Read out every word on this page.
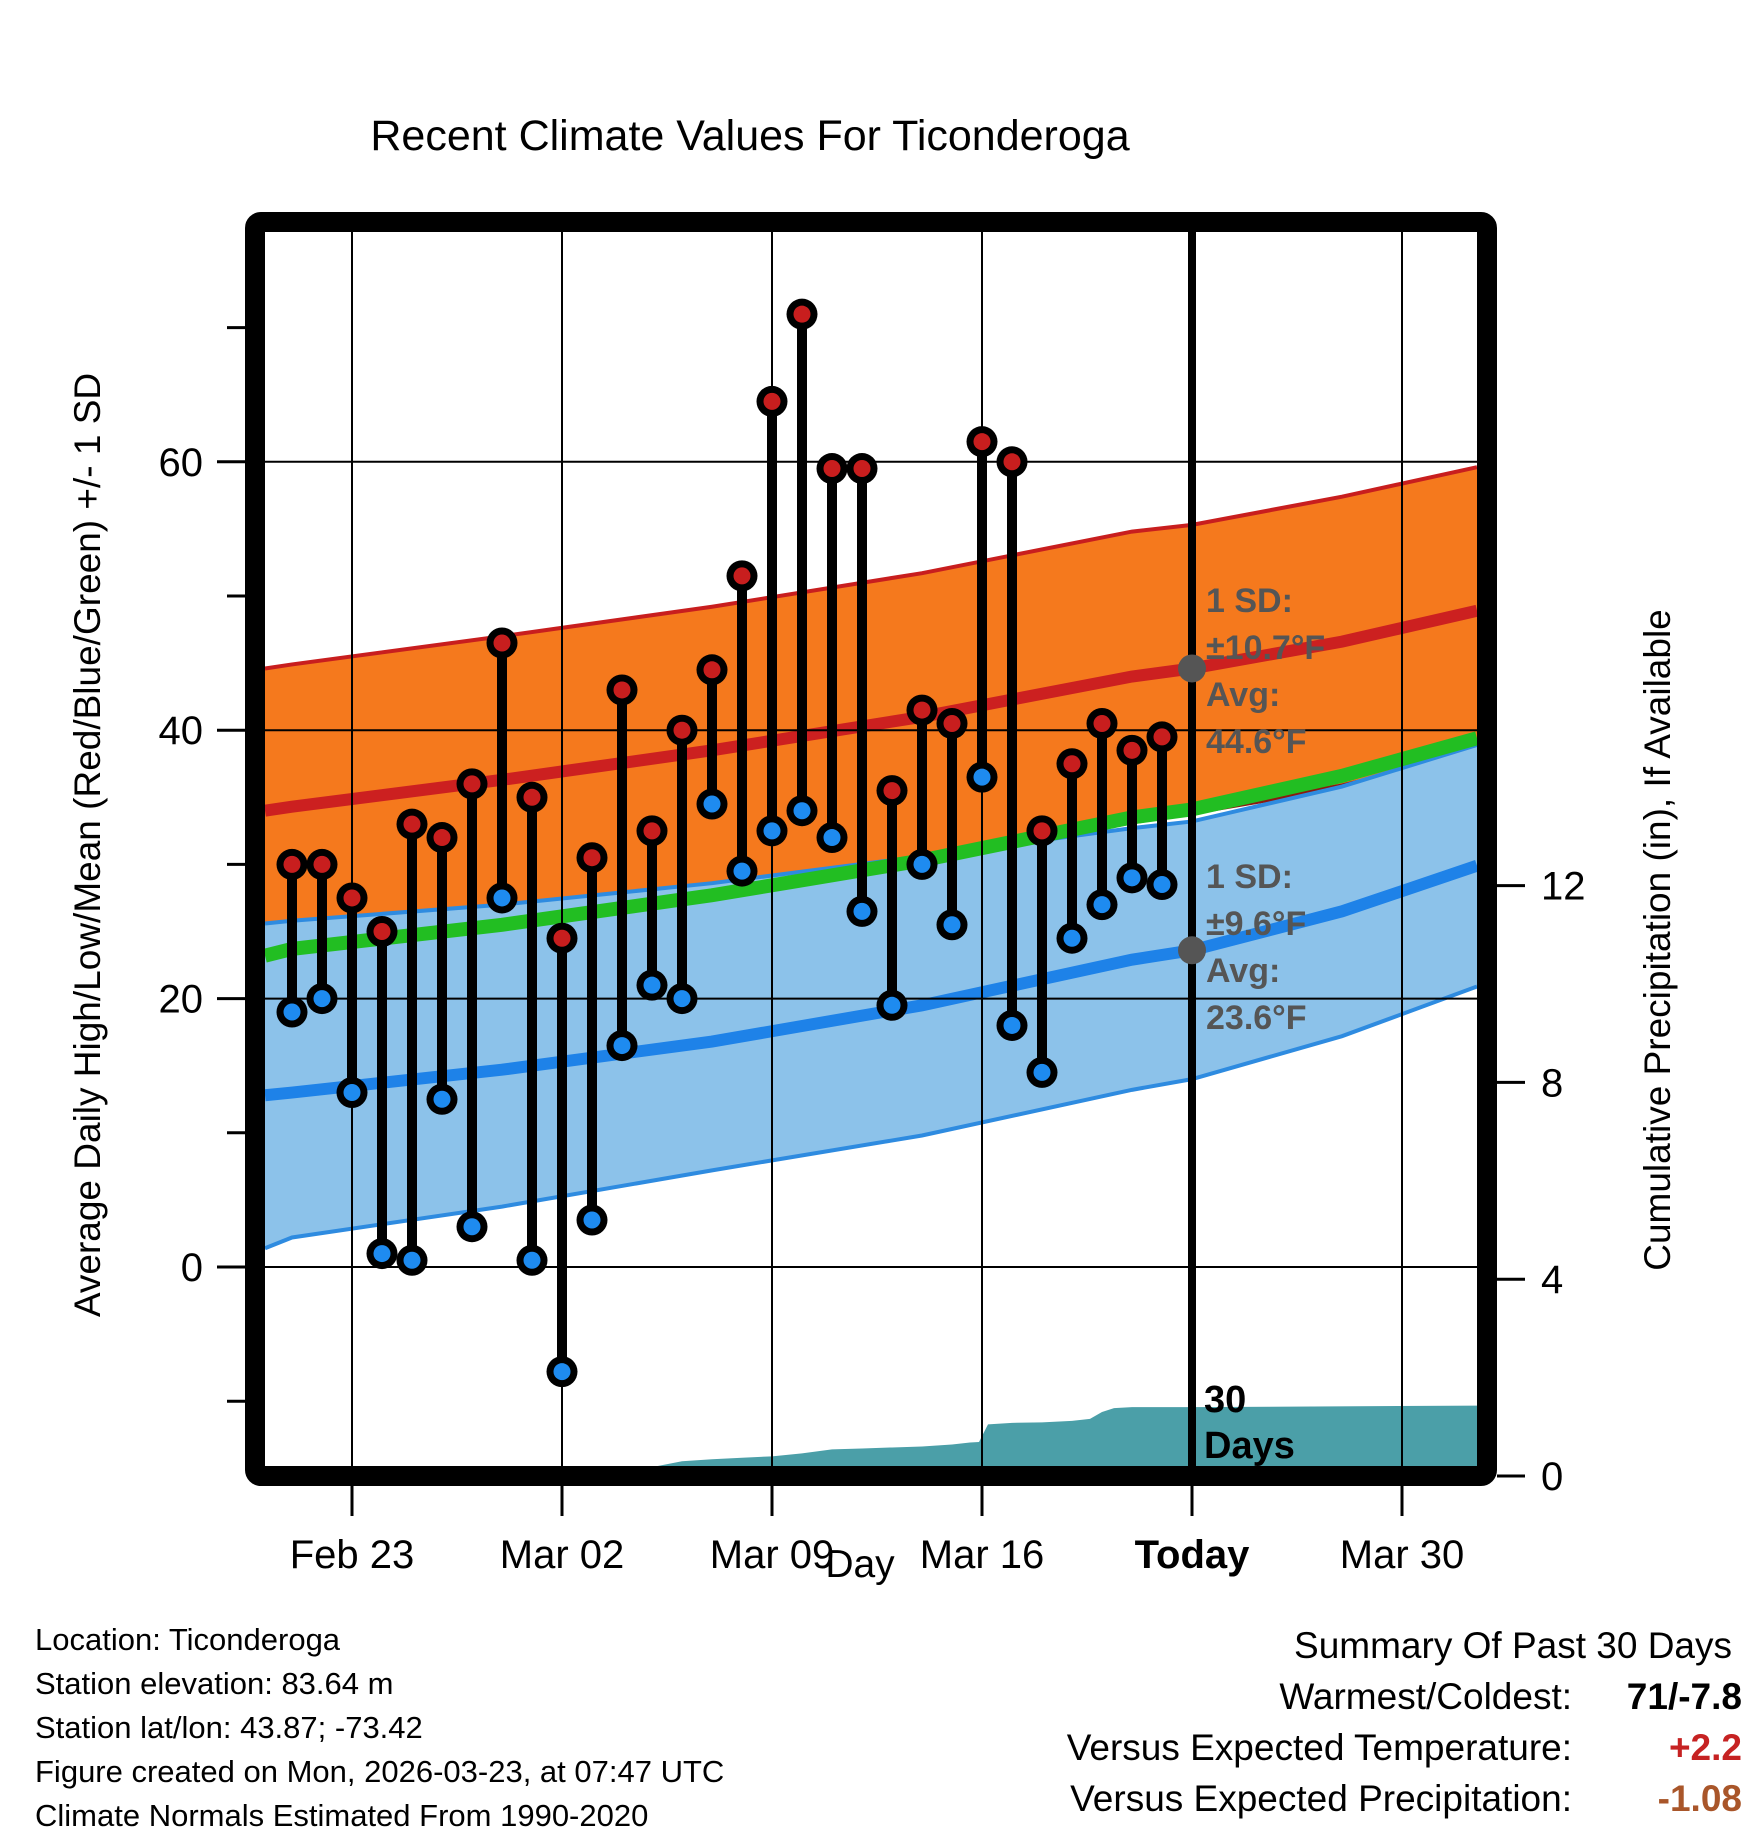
1 SD:
±10.7°F
Avg:
44.6°F
1 SD:
±9.6°F
Avg:
23.6°F
30
Days
0
20
40
60
Feb 23 Mar 02 Mar 09 Mar 16 Today Mar 30
0
4
8
12
Recent Climate Values For Ticonderoga
Average Daily High/Low/Mean (Red/Blue/Green) +/- 1 SD	Cumulative Precipitation (in), If Available
Day
Location: Ticonderoga
Station elevation: 83.64 m
Station lat/lon: 43.87; -73.42
Figure created on Mon, 2026-03-23, at 07:47 UTC
Climate Normals Estimated From 1990-2020
Summary Of Past 30 Days
Warmest/Coldest:	71/-7.8
Versus Expected Temperature:	+2.2
Versus Expected Precipitation:	-1.08
